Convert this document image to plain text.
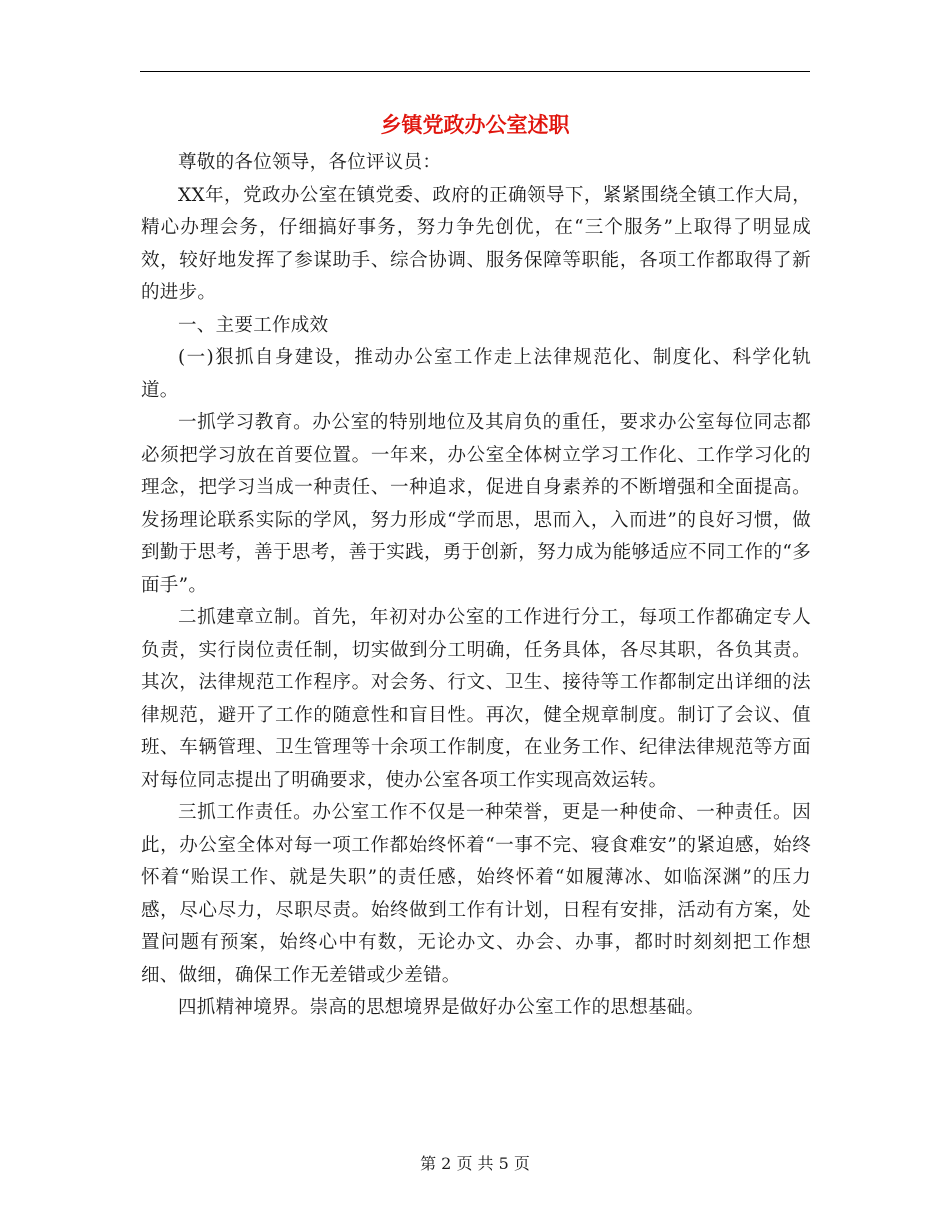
乡镇党政办公室述职

尊敬的各位领导，各位评议员：

XX年，党政办公室在镇党委、政府的正确领导下，紧紧围绕全镇工作大局，精心办理会务，仔细搞好事务，努力争先创优，在“三个服务”上取得了明显成效，较好地发挥了参谋助手、综合协调、服务保障等职能，各项工作都取得了新的进步。

一、主要工作成效

(一)狠抓自身建设，推动办公室工作走上法律规范化、制度化、科学化轨道。

一抓学习教育。办公室的特别地位及其肩负的重任，要求办公室每位同志都必须把学习放在首要位置。一年来，办公室全体树立学习工作化、工作学习化的理念，把学习当成一种责任、一种追求，促进自身素养的不断增强和全面提高。发扬理论联系实际的学风，努力形成“学而思，思而入，入而进”的良好习惯，做到勤于思考，善于思考，善于实践，勇于创新，努力成为能够适应不同工作的“多面手”。

二抓建章立制。首先，年初对办公室的工作进行分工，每项工作都确定专人负责，实行岗位责任制，切实做到分工明确，任务具体，各尽其职，各负其责。其次，法律规范工作程序。对会务、行文、卫生、接待等工作都制定出详细的法律规范，避开了工作的随意性和盲目性。再次，健全规章制度。制订了会议、值班、车辆管理、卫生管理等十余项工作制度，在业务工作、纪律法律规范等方面对每位同志提出了明确要求，使办公室各项工作实现高效运转。

三抓工作责任。办公室工作不仅是一种荣誉，更是一种使命、一种责任。因此，办公室全体对每一项工作都始终怀着“一事不完、寝食难安”的紧迫感，始终怀着“贻误工作、就是失职”的责任感，始终怀着“如履薄冰、如临深渊”的压力感，尽心尽力，尽职尽责。始终做到工作有计划，日程有安排，活动有方案，处置问题有预案，始终心中有数，无论办文、办会、办事，都时时刻刻把工作想细、做细，确保工作无差错或少差错。

四抓精神境界。崇高的思想境界是做好办公室工作的思想基础。

第 2 页 共 5 页
